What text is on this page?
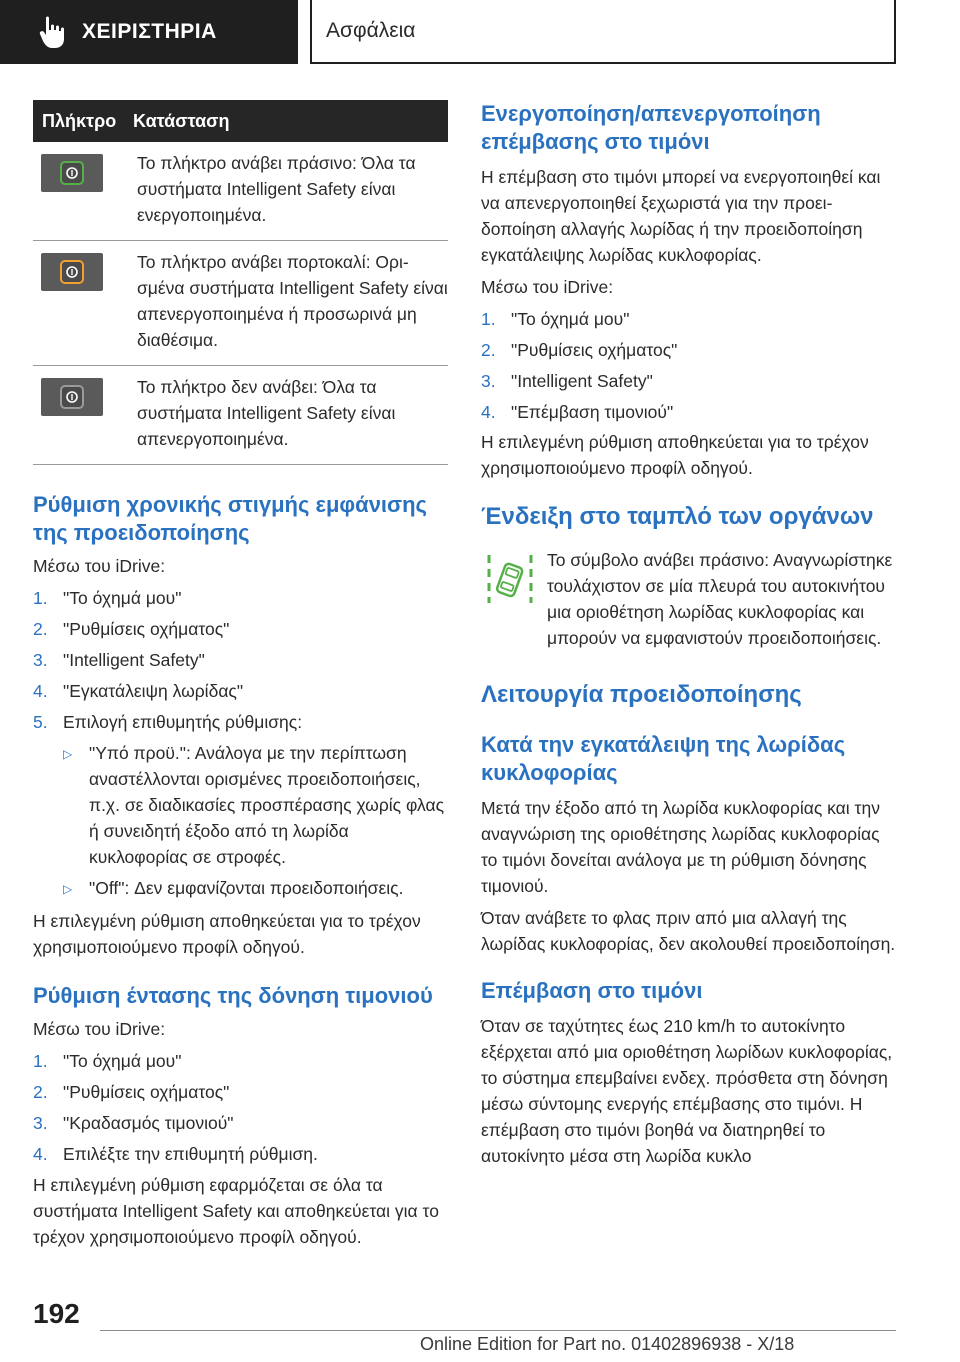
ΧΕΙΡΙΣΤΗΡΙΑ	Ασφάλεια
Πλήκτρο Κατάσταση
Το πλήκτρο ανάβει πράσινο: Όλα τα συστήματα Intelligent Safety είναι ενεργοποιημένα.
Το πλήκτρο ανάβει πορτοκαλί: Ορισμένα συστήματα Intelligent Safety είναι απενεργοποιημένα ή προσωρινά μη διαθέσιμα.
Το πλήκτρο δεν ανάβει: Όλα τα συστήματα Intelligent Safety είναι απενεργοποιημένα.
Ρύθμιση χρονικής στιγμής εμφάνισης της προειδοποίησης

Μέσω του iDrive:

1. "Το όχημά μου"
2. "Ρυθμίσεις οχήματος"
3. "Intelligent Safety"
4. "Εγκατάλειψη λωρίδας"
5. Επιλογή επιθυμητής ρύθμισης:
▷ "Υπό προϋ.": Ανάλογα με την περίπτωση αναστέλλονται ορισμένες προειδοποιήσεις, π.χ. σε διαδικασίες προσπέρασης χωρίς φλας ή συνειδητή έξοδο από τη λωρίδα κυκλοφορίας σε στροφές.
▷ "Off": Δεν εμφανίζονται προειδοποιήσεις.

Η επιλεγμένη ρύθμιση αποθηκεύεται για το τρέχον χρησιμοποιούμενο προφίλ οδηγού.

Ρύθμιση έντασης της δόνηση τιμονιού

Μέσω του iDrive:

1. "Το όχημά μου"
2. "Ρυθμίσεις οχήματος"
3. "Κραδασμός τιμονιού"
4. Επιλέξτε την επιθυμητή ρύθμιση.

Η επιλεγμένη ρύθμιση εφαρμόζεται σε όλα τα συστήματα Intelligent Safety και αποθηκεύεται για το τρέχον χρησιμοποιούμενο προφίλ οδηγού.

Ενεργοποίηση/απενεργοποίηση επέμβασης στο τιμόνι

Η επέμβαση στο τιμόνι μπορεί να ενεργοποιηθεί και να απενεργοποιηθεί ξεχωριστά για την προειδοποίηση αλλαγής λωρίδας ή την προειδοποίηση εγκατάλειψης λωρίδας κυκλοφορίας.

Μέσω του iDrive:

1. "Το όχημά μου"
2. "Ρυθμίσεις οχήματος"
3. "Intelligent Safety"
4. "Επέμβαση τιμονιού"

Η επιλεγμένη ρύθμιση αποθηκεύεται για το τρέχον χρησιμοποιούμενο προφίλ οδηγού.

Ένδειξη στο ταμπλό των οργάνων

Το σύμβολο ανάβει πράσινο: Αναγνωρίστηκε τουλάχιστον σε μία πλευρά του αυτοκινήτου μια οριοθέτηση λωρίδας κυκλοφορίας και μπορούν να εμφανιστούν προειδοποιήσεις.

Λειτουργία προειδοποίησης
Κατά την εγκατάλειψη της λωρίδας κυκλοφορίας

Μετά την έξοδο από τη λωρίδα κυκλοφορίας και την αναγνώριση της οριοθέτησης λωρίδας κυκλοφορίας το τιμόνι δονείται ανάλογα με τη ρύθμιση δόνησης τιμονιού.

Όταν ανάβετε το φλας πριν από μια αλλαγή της λωρίδας κυκλοφορίας, δεν ακολουθεί προειδοποίηση.

Επέμβαση στο τιμόνι

Όταν σε ταχύτητες έως 210 km/h το αυτοκίνητο εξέρχεται από μια οριοθέτηση λωρίδων κυκλοφορίας, το σύστημα επεμβαίνει ενδεχ. πρόσθετα στη δόνηση μέσω σύντομης ενεργής επέμβασης στο τιμόνι. Η επέμβαση στο τιμόνι βοηθά να διατηρηθεί το αυτοκίνητο μέσα στη λωρίδα κυκλο

192
Online Edition for Part no. 01402896938 - X/18
